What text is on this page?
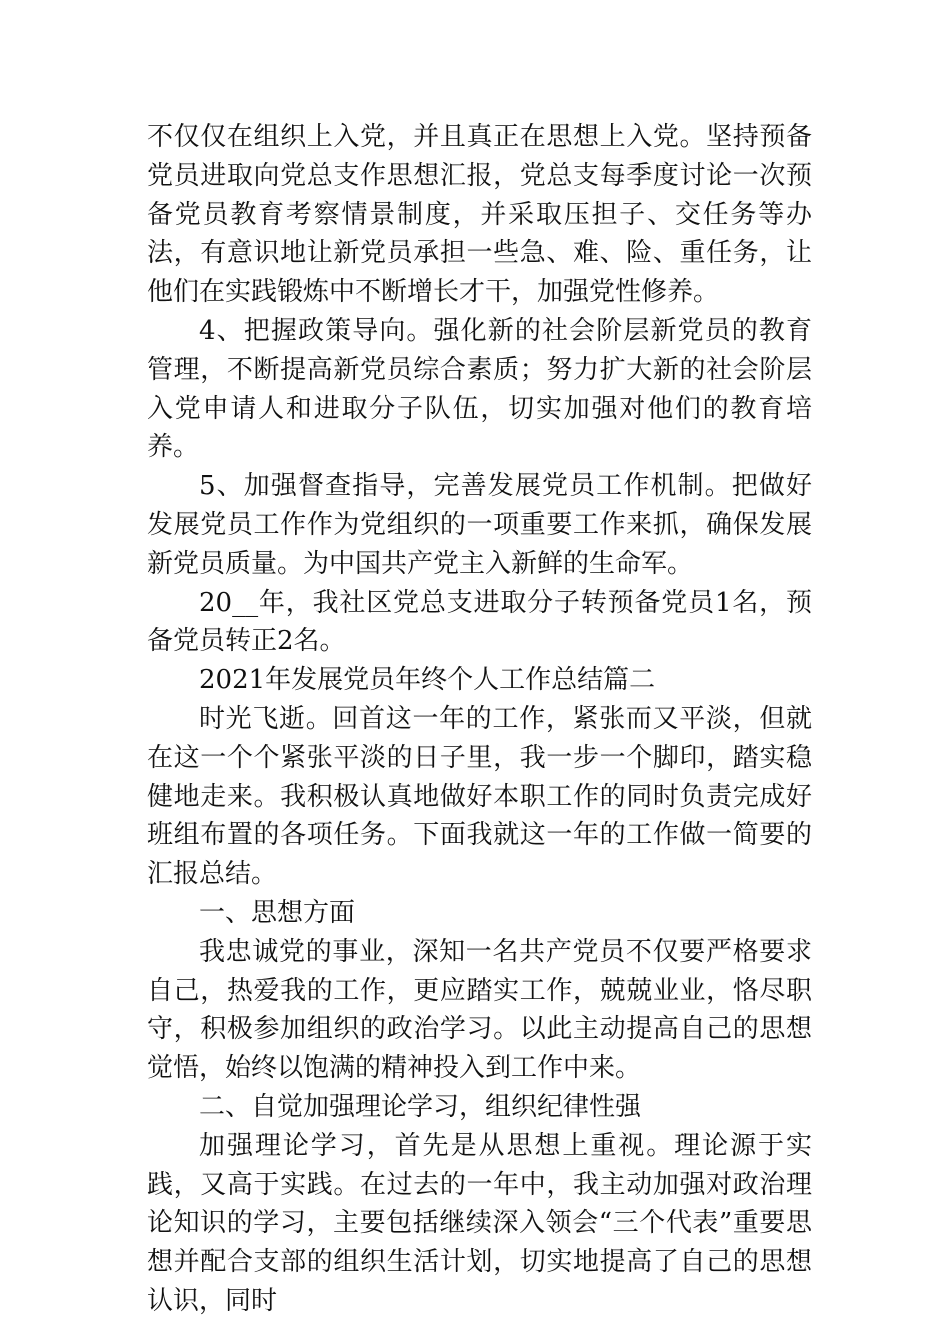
不仅仅在组织上入党，并且真正在思想上入党。坚持预备党员进取向党总支作思想汇报，党总支每季度讨论一次预备党员教育考察情景制度，并采取压担子、交任务等办法，有意识地让新党员承担一些急、难、险、重任务，让他们在实践锻炼中不断增长才干，加强党性修养。

4、把握政策导向。强化新的社会阶层新党员的教育管理，不断提高新党员综合素质；努力扩大新的社会阶层入党申请人和进取分子队伍，切实加强对他们的教育培养。

5、加强督查指导，完善发展党员工作机制。把做好发展党员工作作为党组织的一项重要工作来抓，确保发展新党员质量。为中国共产党主入新鲜的生命军。

20__年，我社区党总支进取分子转预备党员1名，预备党员转正2名。

2021年发展党员年终个人工作总结篇二

时光飞逝。回首这一年的工作，紧张而又平淡，但就在这一个个紧张平淡的日子里，我一步一个脚印，踏实稳健地走来。我积极认真地做好本职工作的同时负责完成好班组布置的各项任务。下面我就这一年的工作做一简要的汇报总结。

一、思想方面

我忠诚党的事业，深知一名共产党员不仅要严格要求自己，热爱我的工作，更应踏实工作，兢兢业业，恪尽职守，积极参加组织的政治学习。以此主动提高自己的思想觉悟，始终以饱满的精神投入到工作中来。

二、自觉加强理论学习，组织纪律性强

加强理论学习，首先是从思想上重视。理论源于实践，又高于实践。在过去的一年中，我主动加强对政治理论知识的学习，主要包括继续深入领会“三个代表”重要思想并配合支部的组织生活计划，切实地提高了自己的思想认识，同时
